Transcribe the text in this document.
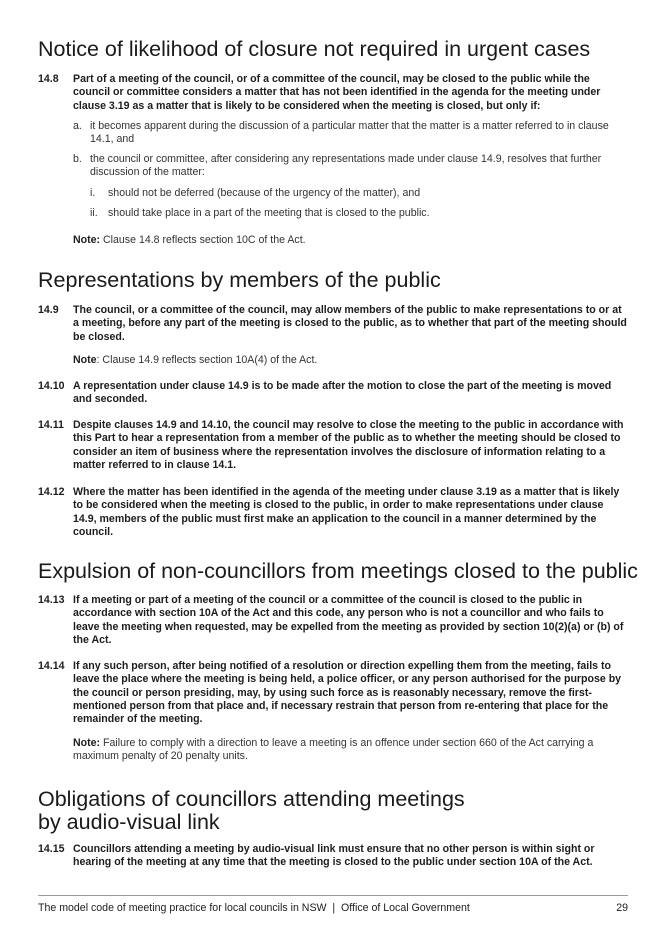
Notice of likelihood of closure not required in urgent cases
14.8	Part of a meeting of the council, or of a committee of the council, may be closed to the public while the council or committee considers a matter that has not been identified in the agenda for the meeting under clause 3.19 as a matter that is likely to be considered when the meeting is closed, but only if:
a. it becomes apparent during the discussion of a particular matter that the matter is a matter referred to in clause 14.1, and
b. the council or committee, after considering any representations made under clause 14.9, resolves that further discussion of the matter:
i. should not be deferred (because of the urgency of the matter), and
ii. should take place in a part of the meeting that is closed to the public.
Note: Clause 14.8 reflects section 10C of the Act.
Representations by members of the public
14.9	The council, or a committee of the council, may allow members of the public to make representations to or at a meeting, before any part of the meeting is closed to the public, as to whether that part of the meeting should be closed.
Note: Clause 14.9 reflects section 10A(4) of the Act.
14.10 A representation under clause 14.9 is to be made after the motion to close the part of the meeting is moved and seconded.
14.11 Despite clauses 14.9 and 14.10, the council may resolve to close the meeting to the public in accordance with this Part to hear a representation from a member of the public as to whether the meeting should be closed to consider an item of business where the representation involves the disclosure of information relating to a matter referred to in clause 14.1.
14.12 Where the matter has been identified in the agenda of the meeting under clause 3.19 as a matter that is likely to be considered when the meeting is closed to the public, in order to make representations under clause 14.9, members of the public must first make an application to the council in a manner determined by the council.
Expulsion of non-councillors from meetings closed to the public
14.13 If a meeting or part of a meeting of the council or a committee of the council is closed to the public in accordance with section 10A of the Act and this code, any person who is not a councillor and who fails to leave the meeting when requested, may be expelled from the meeting as provided by section 10(2)(a) or (b) of the Act.
14.14 If any such person, after being notified of a resolution or direction expelling them from the meeting, fails to leave the place where the meeting is being held, a police officer, or any person authorised for the purpose by the council or person presiding, may, by using such force as is reasonably necessary, remove the first-mentioned person from that place and, if necessary restrain that person from re-entering that place for the remainder of the meeting.
Note: Failure to comply with a direction to leave a meeting is an offence under section 660 of the Act carrying a maximum penalty of 20 penalty units.
Obligations of councillors attending meetings
by audio-visual link
14.15 Councillors attending a meeting by audio-visual link must ensure that no other person is within sight or hearing of the meeting at any time that the meeting is closed to the public under section 10A of the Act.
The model code of meeting practice for local councils in NSW  |  Office of Local Government	29
